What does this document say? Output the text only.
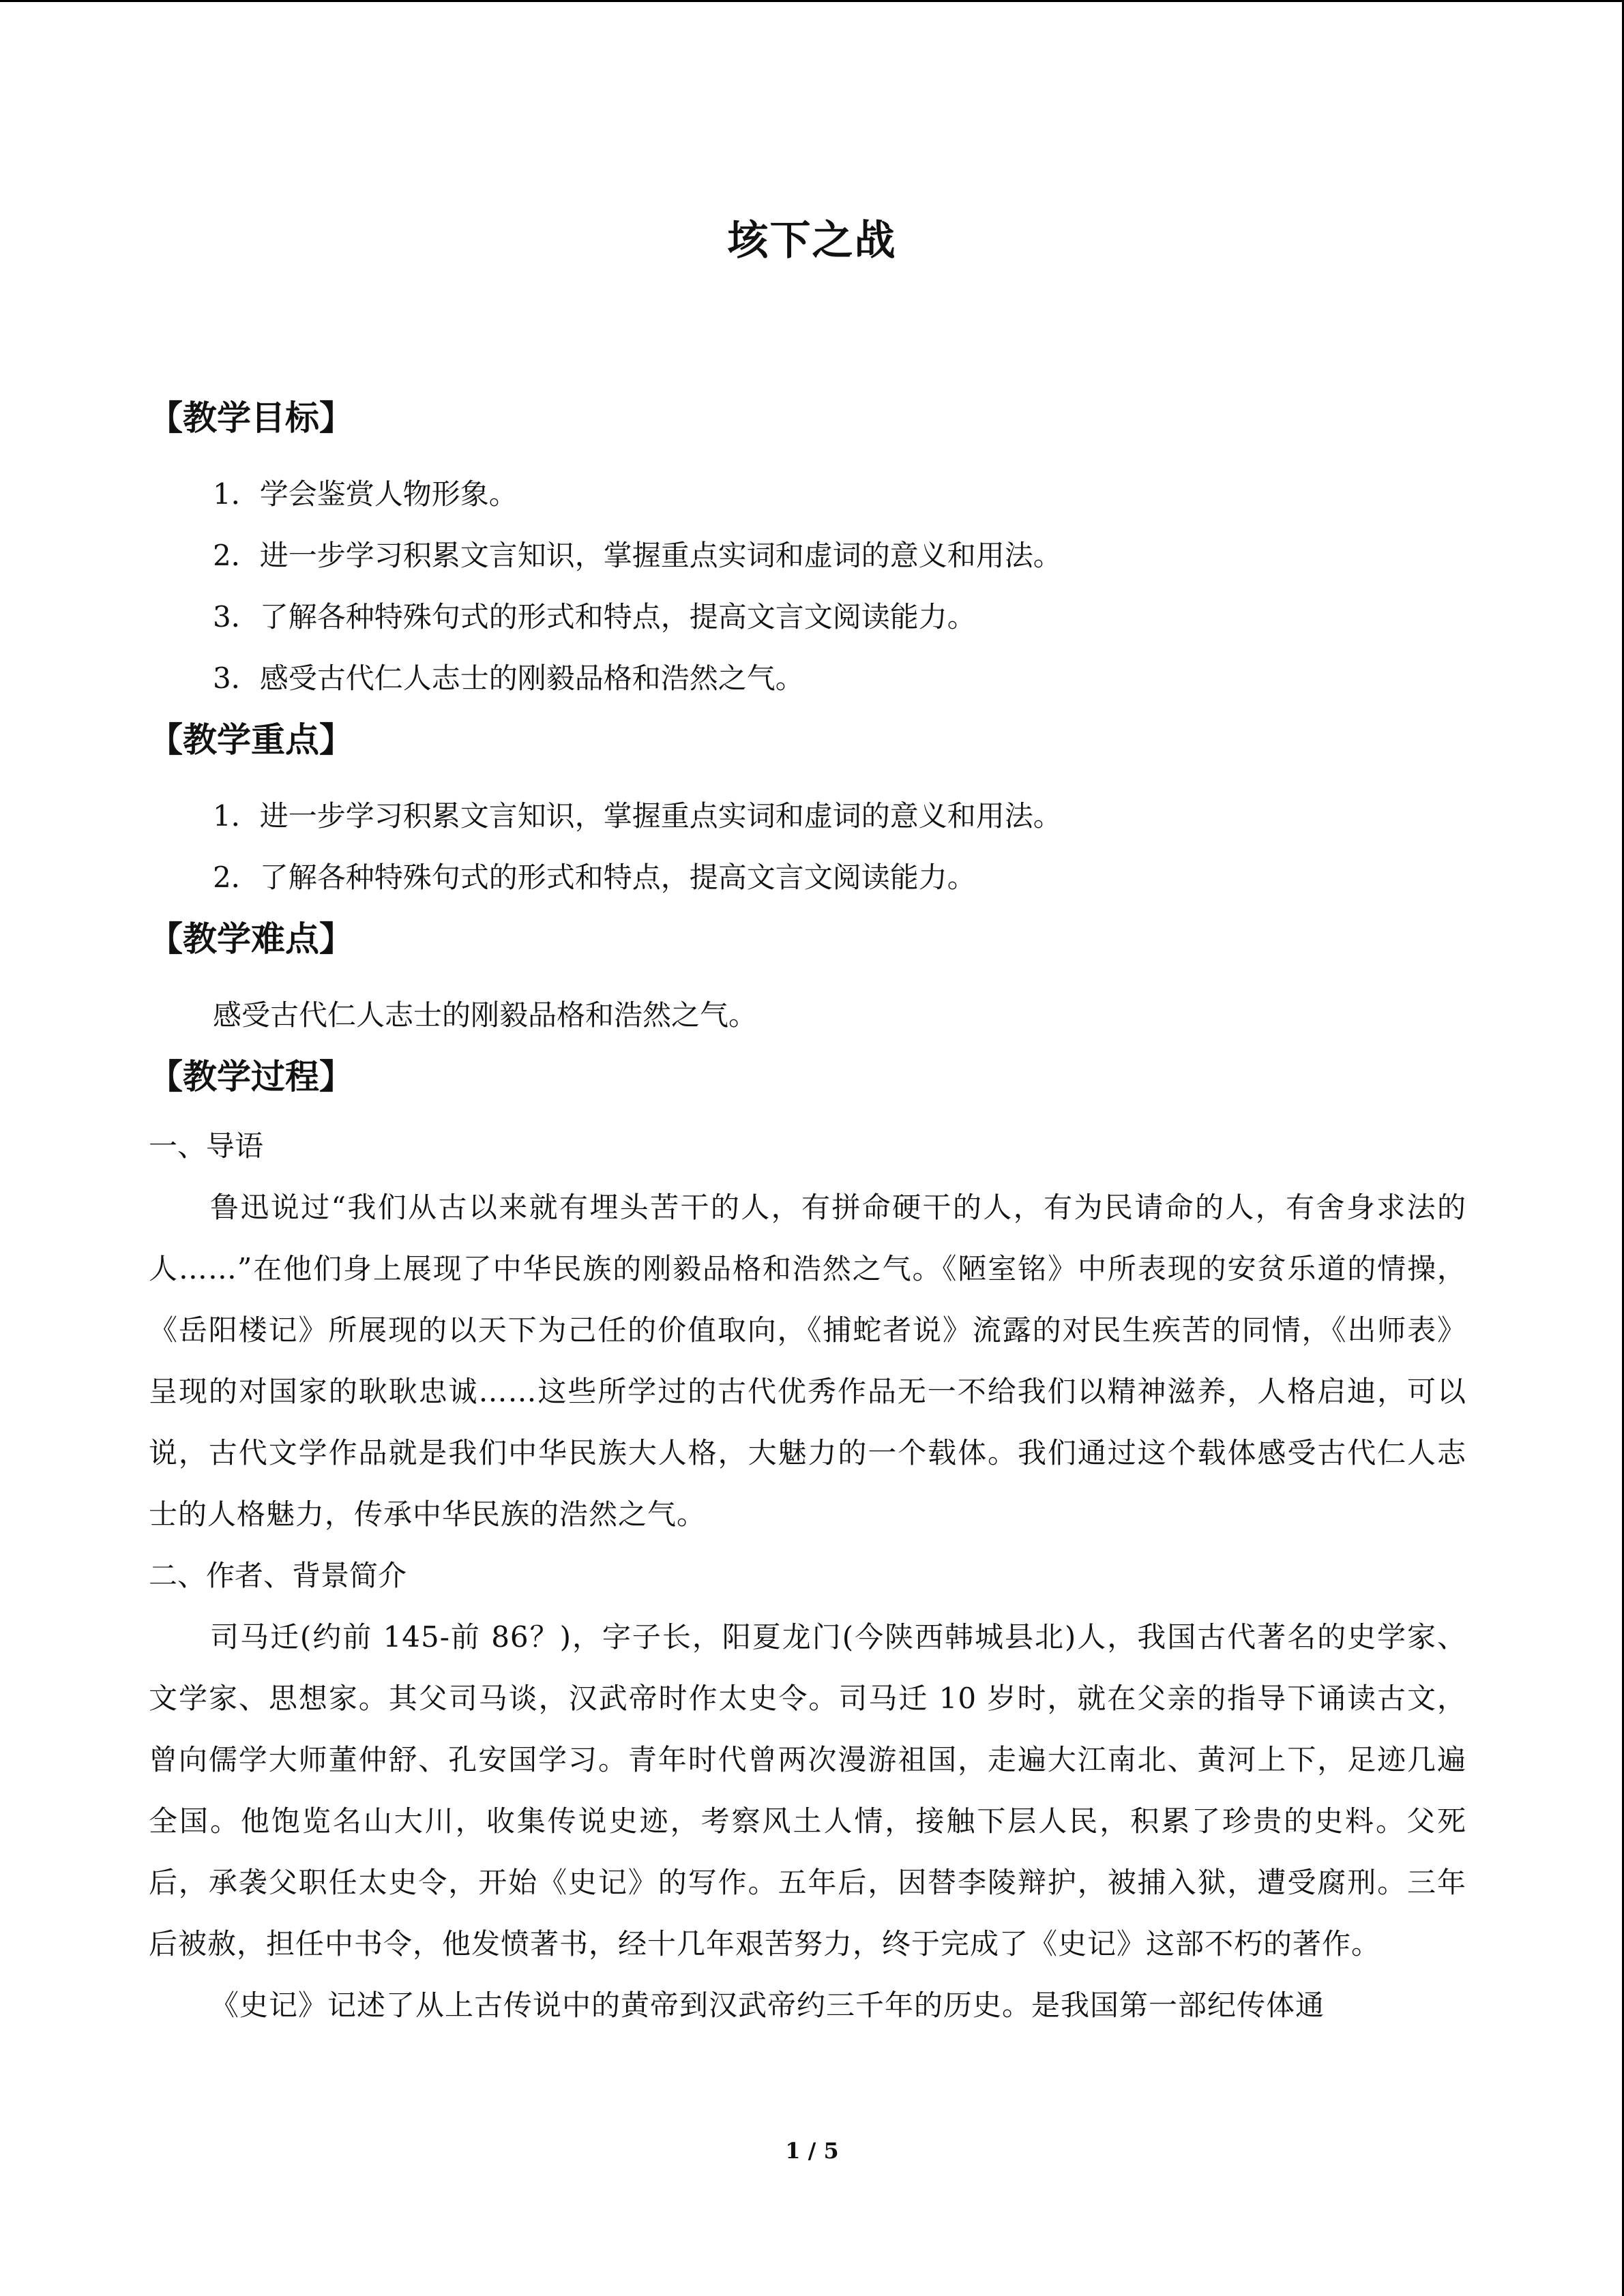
垓下之战
【教学目标】

1．学会鉴赏人物形象。

2．进一步学习积累文言知识，掌握重点实词和虚词的意义和用法。

3．了解各种特殊句式的形式和特点，提高文言文阅读能力。

3．感受古代仁人志士的刚毅品格和浩然之气。

【教学重点】

1．进一步学习积累文言知识，掌握重点实词和虚词的意义和用法。

2．了解各种特殊句式的形式和特点，提高文言文阅读能力。

【教学难点】

感受古代仁人志士的刚毅品格和浩然之气。

【教学过程】

一、导语

鲁迅说过“我们从古以来就有埋头苦干的人，有拼命硬干的人，有为民请命的人，有舍身求法的人……”在他们身上展现了中华民族的刚毅品格和浩然之气。《陋室铭》中所表现的安贫乐道的情操，《岳阳楼记》所展现的以天下为己任的价值取向，《捕蛇者说》流露的对民生疾苦的同情，《出师表》呈现的对国家的耿耿忠诚……这些所学过的古代优秀作品无一不给我们以精神滋养，人格启迪，可以说，古代文学作品就是我们中华民族大人格，大魅力的一个载体。我们通过这个载体感受古代仁人志士的人格魅力，传承中华民族的浩然之气。

二、作者、背景简介

司马迁(约前 145-前 86？)，字子长，阳夏龙门(今陕西韩城县北)人，我国古代著名的史学家、文学家、思想家。其父司马谈，汉武帝时作太史令。司马迁 10 岁时，就在父亲的指导下诵读古文，曾向儒学大师董仲舒、孔安国学习。青年时代曾两次漫游祖国，走遍大江南北、黄河上下，足迹几遍全国。他饱览名山大川，收集传说史迹，考察风土人情，接触下层人民，积累了珍贵的史料。父死后，承袭父职任太史令，开始《史记》的写作。五年后，因替李陵辩护，被捕入狱，遭受腐刑。三年后被赦，担任中书令，他发愤著书，经十几年艰苦努力，终于完成了《史记》这部不朽的著作。

《史记》记述了从上古传说中的黄帝到汉武帝约三千年的历史。是我国第一部纪传体通

1 / 5
